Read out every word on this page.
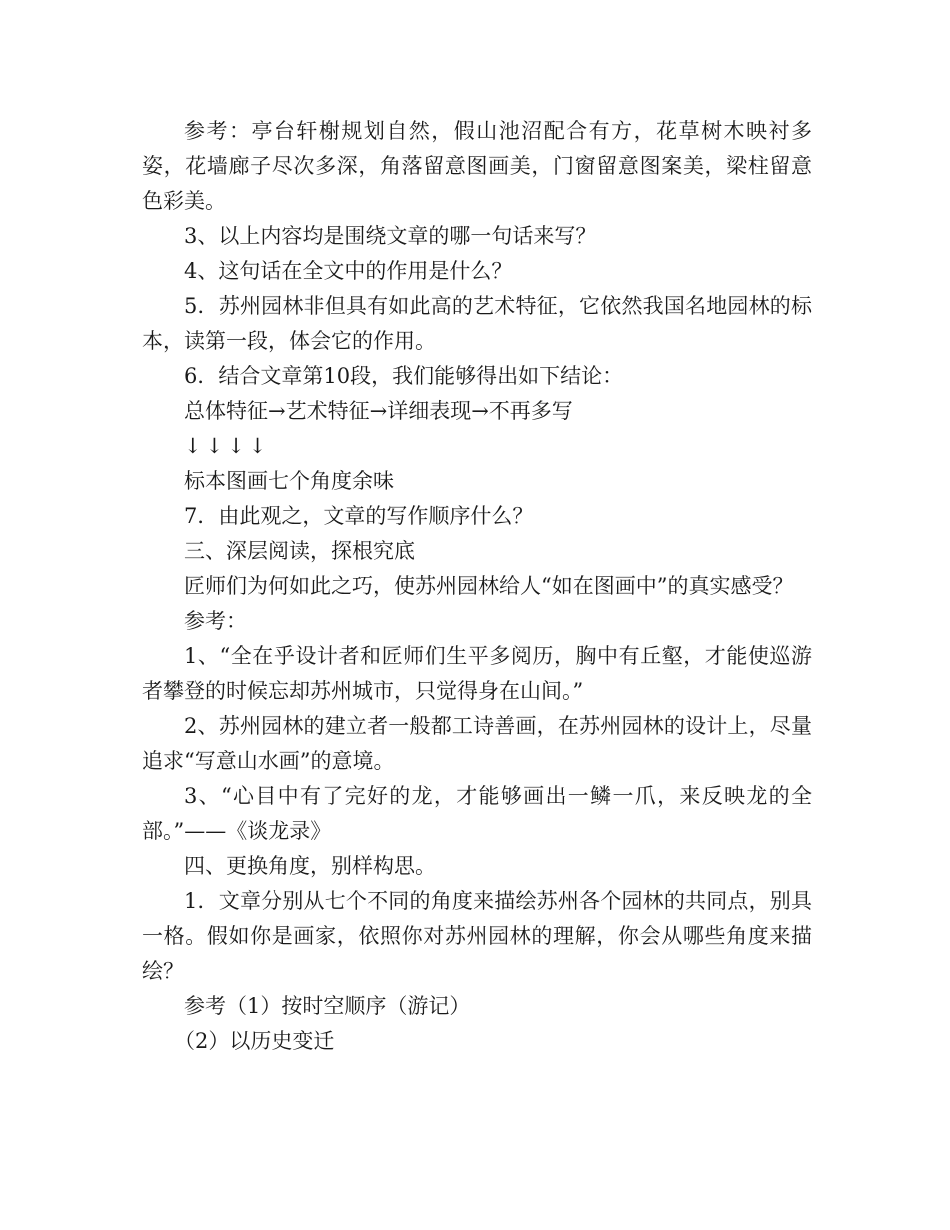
参考：亭台轩榭规划自然，假山池沼配合有方，花草树木映衬多姿，花墙廊子尽次多深，角落留意图画美，门窗留意图案美，梁柱留意色彩美。

3、以上内容均是围绕文章的哪一句话来写？

4、这句话在全文中的作用是什么？

5．苏州园林非但具有如此高的艺术特征，它依然我国名地园林的标本，读第一段，体会它的作用。

6．结合文章第10段，我们能够得出如下结论：

总体特征→艺术特征→详细表现→不再多写

↓↓↓↓

标本图画七个角度余味

7．由此观之，文章的写作顺序什么？

三、深层阅读，探根究底

匠师们为何如此之巧，使苏州园林给人“如在图画中”的真实感受？

参考：

1、“全在乎设计者和匠师们生平多阅历，胸中有丘壑，才能使巡游者攀登的时候忘却苏州城市，只觉得身在山间。”

2、苏州园林的建立者一般都工诗善画，在苏州园林的设计上，尽量追求“写意山水画”的意境。

3、“心目中有了完好的龙，才能够画出一鳞一爪，来反映龙的全部。”——《谈龙录》

四、更换角度，别样构思。

1．文章分别从七个不同的角度来描绘苏州各个园林的共同点，别具一格。假如你是画家，依照你对苏州园林的理解，你会从哪些角度来描绘？

参考（1）按时空顺序（游记）

（2）以历史变迁
